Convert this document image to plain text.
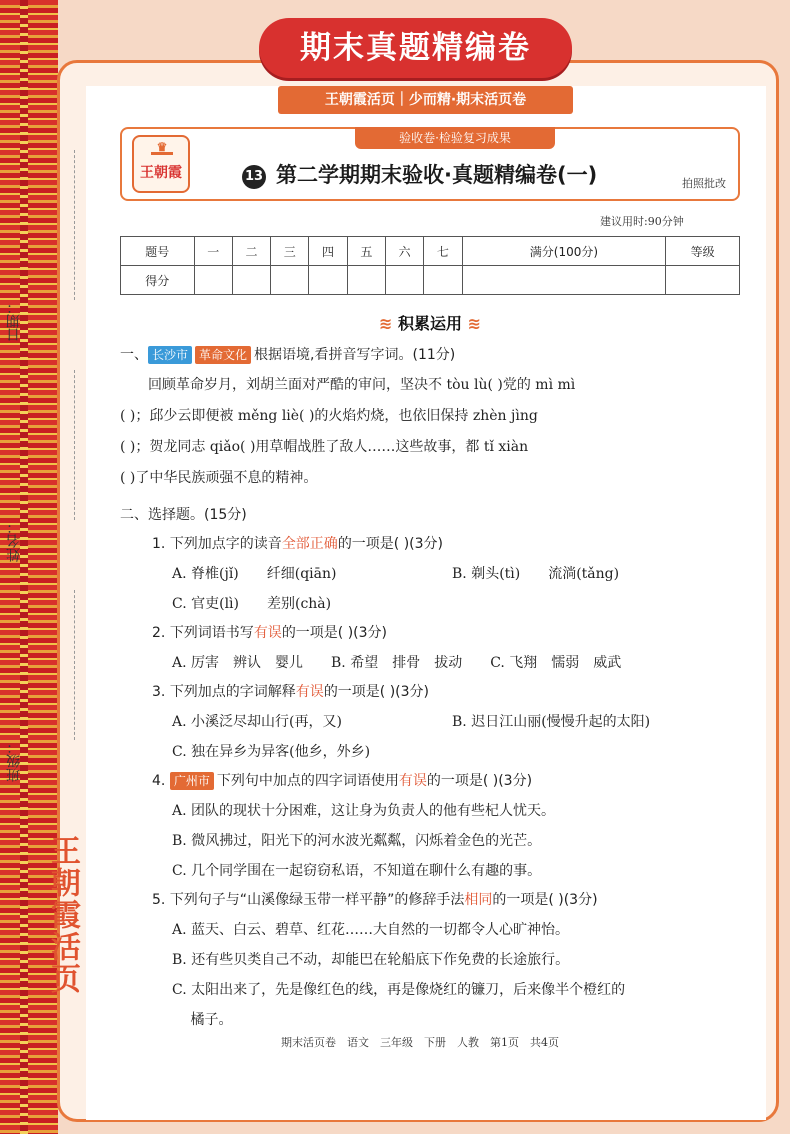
期末真题精编卷
王朝霞活页｜少而精·期末活页卷
日期：
姓名：
班级：
王朝霞活页
验收卷·检验复习成果
♛
王朝霞	13 第二学期期末验收·真题精编卷(一)	拍照批改
建议用时:90分钟
题号	一	二	三	四	五	六	七	满分(100分)	等级
得分									
≋ 积累运用 ≋
一、 长沙市 革命文化 根据语境,看拼音写字词。(11分)
回顾革命岁月，刘胡兰面对严酷的审问，坚决不 tòu lù( )党的 mì mì
( )；邱少云即便被 měng liè( )的火焰灼烧，也依旧保持 zhèn jìng
( )；贺龙同志 qiǎo( )用草帽战胜了敌人……这些故事，都 tǐ xiàn
( )了中华民族顽强不息的精神。
二、选择题。(15分)
1. 下列加点字的读音全部正确的一项是( )(3分)
A. 脊椎(jǐ)　　纤细(qiān)	B. 剃头(tì)　　流淌(tǎng)
C. 官吏(lì)　　差别(chà)
2. 下列词语书写有误的一项是( )(3分)
A. 厉害　辨认　婴儿　　B. 希望　排骨　拔动　　C. 飞翔　懦弱　威武
3. 下列加点的字词解释有误的一项是( )(3分)
A. 小溪泛尽却山行(再，又)	B. 迟日江山丽(慢慢升起的太阳)
C. 独在异乡为异客(他乡，外乡)
4. 广州市 下列句中加点的四字词语使用有误的一项是( )(3分)
A. 团队的现状十分困难，这让身为负责人的他有些杞人忧天。
B. 微风拂过，阳光下的河水波光粼粼，闪烁着金色的光芒。
C. 几个同学围在一起窃窃私语，不知道在聊什么有趣的事。
5. 下列句子与“山溪像绿玉带一样平静”的修辞手法相同的一项是( )(3分)
A. 蓝天、白云、碧草、红花……大自然的一切都令人心旷神怡。
B. 还有些贝类自己不动，却能巴在轮船底下作免费的长途旅行。
C. 太阳出来了，先是像红色的线，再是像烧红的镰刀，后来像半个橙红的
　 橘子。
期末活页卷　语文　三年级　下册　人教　第1页　共4页
